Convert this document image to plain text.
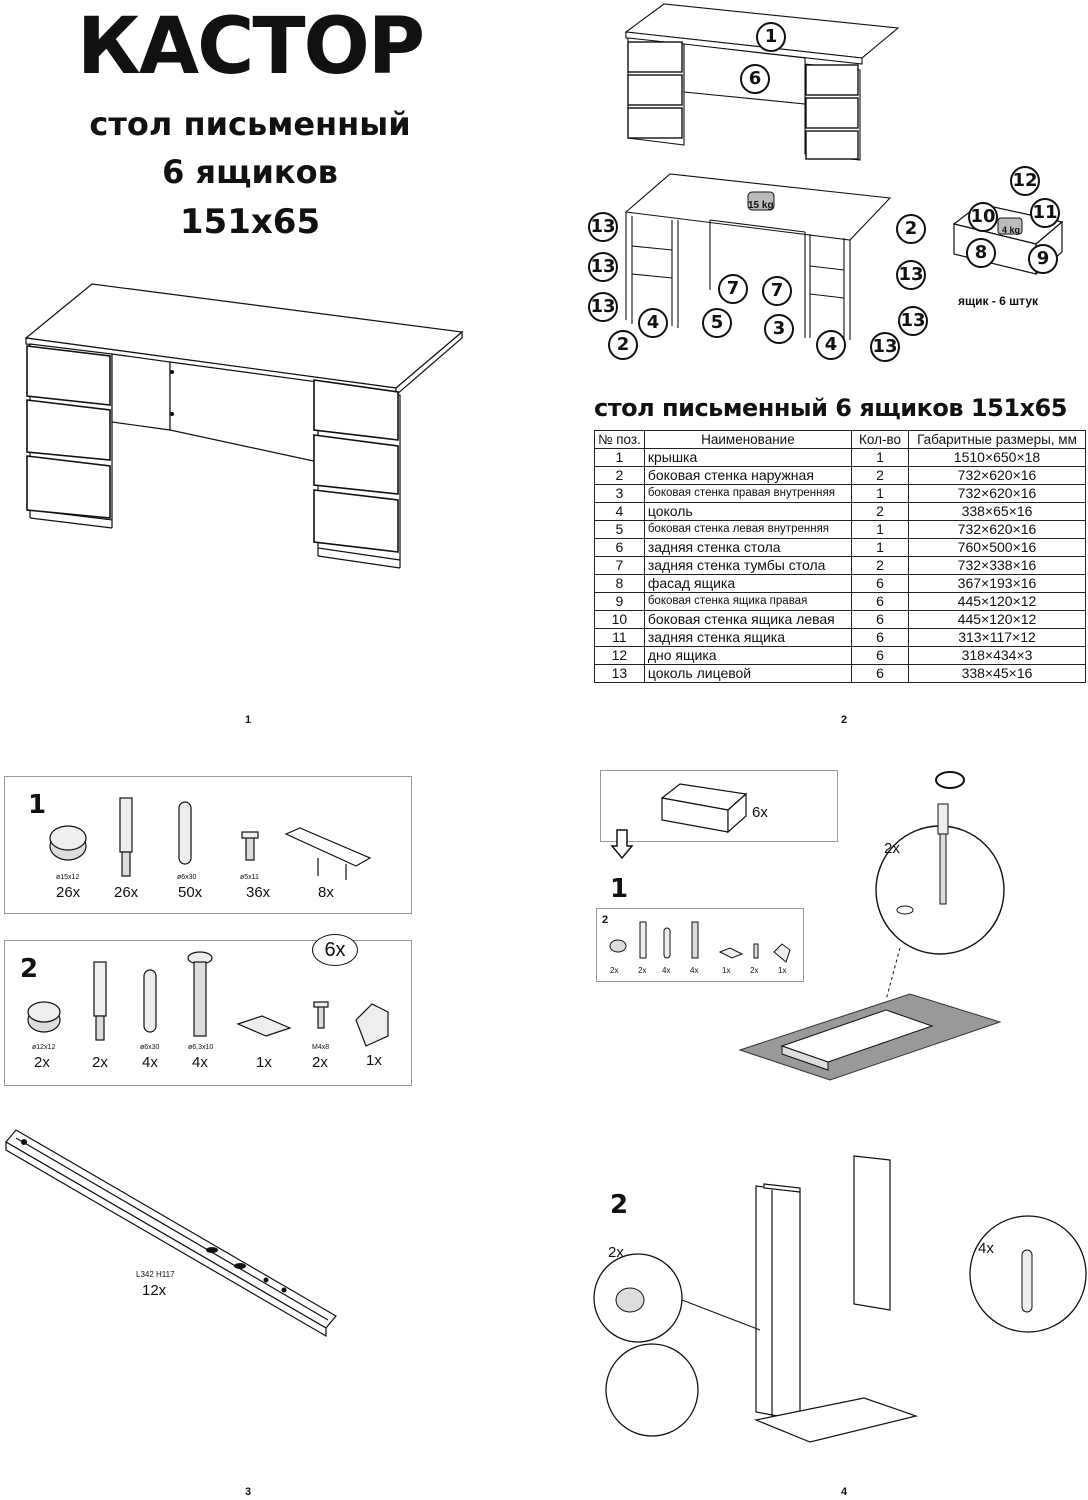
КАСТОР
стол письменный
6 ящиков
151х65
1
1
6
15 kg
13
13
13
2
4	5
7	7
3
4
13
13
13
2	4 kg
12
10 11
8	9
ящик - 6 штук
стол письменный 6 ящиков 151х65
№ поз.	Наименование	Кол-во	Габаритные размеры, мм
1	крышка	1	1510×650×18
2	боковая стенка наружная	2	732×620×16
3	боковая стенка правая внутренняя	1	732×620×16
4	цоколь	2	338×65×16
5	боковая стенка левая внутренняя	1	732×620×16
6	задняя стенка стола	1	760×500×16
7	задняя стенка тумбы стола	2	732×338×16
8	фасад ящика	6	367×193×16
9	боковая стенка ящика правая	6	445×120×12
10	боковая стенка ящика левая	6	445×120×12
11	задняя стенка ящика	6	313×117×12
12	дно ящика	6	318×434×3
13	цоколь лицевой	6	338×45×16
2
1
ø15x12	ø6x30	ø5x11
26x 26x	50x	36x	8x
2
6x
ø12x12	ø6x30	ø6,3x10	M4x8
2x	2x 4x 4x	1x	2x	1x
L342 H117
12x
3
6x
1
2
2x 2x 4x 4x	1x 2x 1x
2x
2
2x	4x
4
